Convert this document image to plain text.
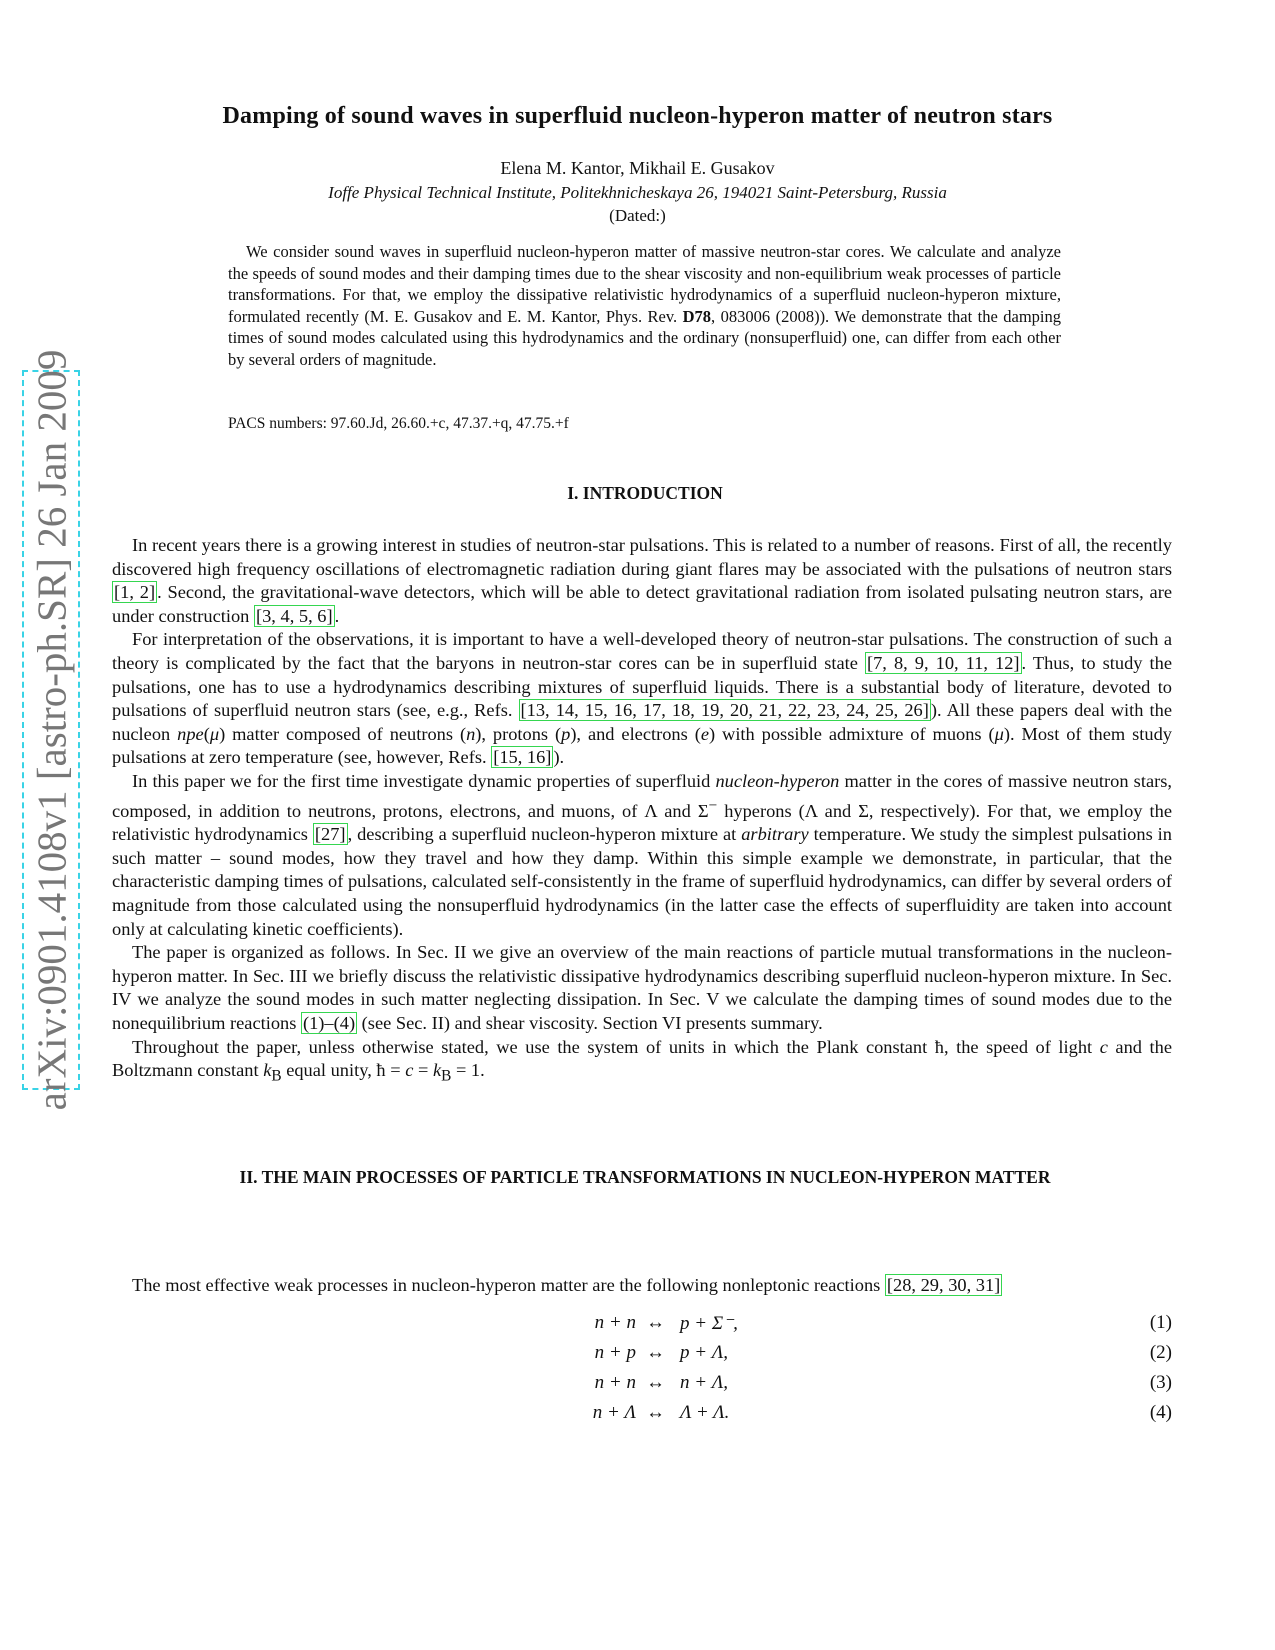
arXiv:0901.4108v1 [astro-ph.SR] 26 Jan 2009
Damping of sound waves in superfluid nucleon-hyperon matter of neutron stars
Elena M. Kantor, Mikhail E. Gusakov
Ioffe Physical Technical Institute, Politekhnicheskaya 26, 194021 Saint-Petersburg, Russia
(Dated:)
We consider sound waves in superfluid nucleon-hyperon matter of massive neutron-star cores. We calculate and analyze the speeds of sound modes and their damping times due to the shear viscosity and non-equilibrium weak processes of particle transformations. For that, we employ the dissipative relativistic hydrodynamics of a superfluid nucleon-hyperon mixture, formulated recently (M. E. Gusakov and E. M. Kantor, Phys. Rev. D78, 083006 (2008)). We demonstrate that the damping times of sound modes calculated using this hydrodynamics and the ordinary (nonsuperfluid) one, can differ from each other by several orders of magnitude.
PACS numbers: 97.60.Jd, 26.60.+c, 47.37.+q, 47.75.+f
I. INTRODUCTION

In recent years there is a growing interest in studies of neutron-star pulsations. This is related to a number of reasons. First of all, the recently discovered high frequency oscillations of electromagnetic radiation during giant flares may be associated with the pulsations of neutron stars [1, 2] . Second, the gravitational-wave detectors, which will be able to detect gravitational radiation from isolated pulsating neutron stars, are under construction [3, 4, 5, 6] .

For interpretation of the observations, it is important to have a well-developed theory of neutron-star pulsations. The construction of such a theory is complicated by the fact that the baryons in neutron-star cores can be in superfluid state [7, 8, 9, 10, 11, 12] . Thus, to study the pulsations, one has to use a hydrodynamics describing mixtures of superfluid liquids. There is a substantial body of literature, devoted to pulsations of superfluid neutron stars (see, e.g., Refs. [13, 14, 15, 16, 17, 18, 19, 20, 21, 22, 23, 24, 25, 26] ). All these papers deal with the nucleon npe(μ) matter composed of neutrons (n), protons (p), and electrons (e) with possible admixture of muons (μ). Most of them study pulsations at zero temperature (see, however, Refs. [15, 16] ).

In this paper we for the first time investigate dynamic properties of superfluid nucleon-hyperon matter in the cores of massive neutron stars, composed, in addition to neutrons, protons, electrons, and muons, of Λ and Σ− hyperons (Λ and Σ, respectively). For that, we employ the relativistic hydrodynamics [27] , describing a superfluid nucleon-hyperon mixture at arbitrary temperature. We study the simplest pulsations in such matter – sound modes, how they travel and how they damp. Within this simple example we demonstrate, in particular, that the characteristic damping times of pulsations, calculated self-consistently in the frame of superfluid hydrodynamics, can differ by several orders of magnitude from those calculated using the nonsuperfluid hydrodynamics (in the latter case the effects of superfluidity are taken into account only at calculating kinetic coefficients).

The paper is organized as follows. In Sec. II we give an overview of the main reactions of particle mutual transformations in the nucleon-hyperon matter. In Sec. III we briefly discuss the relativistic dissipative hydrodynamics describing superfluid nucleon-hyperon mixture. In Sec. IV we analyze the sound modes in such matter neglecting dissipation. In Sec. V we calculate the damping times of sound modes due to the nonequilibrium reactions (1)–(4) (see Sec. II) and shear viscosity. Section VI presents summary.

Throughout the paper, unless otherwise stated, we use the system of units in which the Plank constant ħ, the speed of light c and the Boltzmann constant $k_B$ equal unity, ħ = $c = k_B = 1$.

II. THE MAIN PROCESSES OF PARTICLE TRANSFORMATIONS IN NUCLEON-HYPERON MATTER

The most effective weak processes in nucleon-hyperon matter are the following nonleptonic reactions [28, 29, 30, 31]

n + n ↔ p + Σ⁻,	(1)
n + p ↔ p + Λ,	(2)
n + n ↔ n + Λ,	(3)
n + Λ ↔ Λ + Λ.	(4)
